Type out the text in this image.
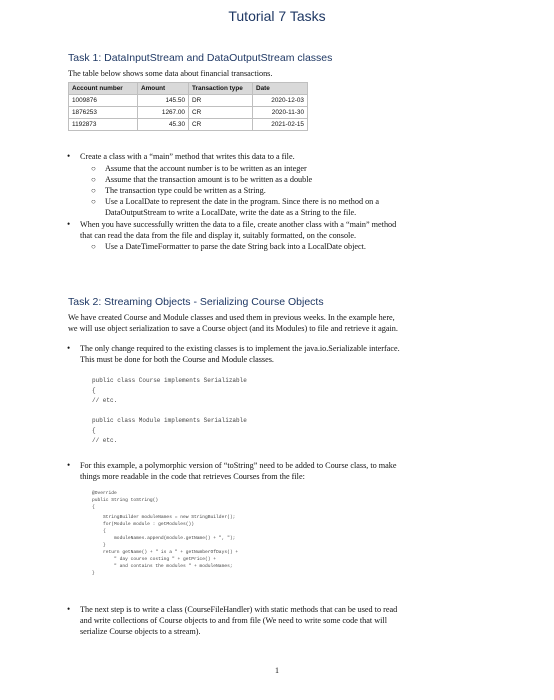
Tutorial 7 Tasks
Task 1: DataInputStream and DataOutputStream classes
The table below shows some data about financial transactions.
Account number	Amount	Transaction type	Date
1009876	145.50	DR	2020-12-03
1876253	1267.00	CR	2020-11-30
1192873	45.30	CR	2021-02-15
• Create a class with a “main” method that writes this data to a file.
○ Assume that the account number is to be written as an integer
○ Assume that the transaction amount is to be written as a double
○ The transaction type could be written as a String.
○ Use a LocalDate to represent the date in the program. Since there is no method on a
DataOutputStream to write a LocalDate, write the date as a String to the file.
• When you have successfully written the data to a file, create another class with a “main” method
that can read the data from the file and display it, suitably formatted, on the console.
○ Use a DateTimeFormatter to parse the date String back into a LocalDate object.
Task 2: Streaming Objects - Serializing Course Objects
We have created Course and Module classes and used them in previous weeks. In the example here,
we will use object serialization to save a Course object (and its Modules) to file and retrieve it again.
• The only change required to the existing classes is to implement the java.io.Serializable interface.
This must be done for both the Course and Module classes.
public class Course implements Serializable
{
// etc.

public class Module implements Serializable
{
// etc.
• For this example, a polymorphic version of “toString” need to be added to Course class, to make
things more readable in the code that retrieves Courses from the file:
@Override
public String toString()
{
StringBuilder moduleNames = new StringBuilder();
for(Module module : getModules())
{
moduleNames.append(module.getName() + ", ");
}
return getName() + " is a " + getNumberOfDays() +
" day course costing " + getPrice() +
" and contains the modules " + moduleNames;
}
• The next step is to write a class (CourseFileHandler) with static methods that can be used to read
and write collections of Course objects to and from file (We need to write some code that will
serialize Course objects to a stream).
1
